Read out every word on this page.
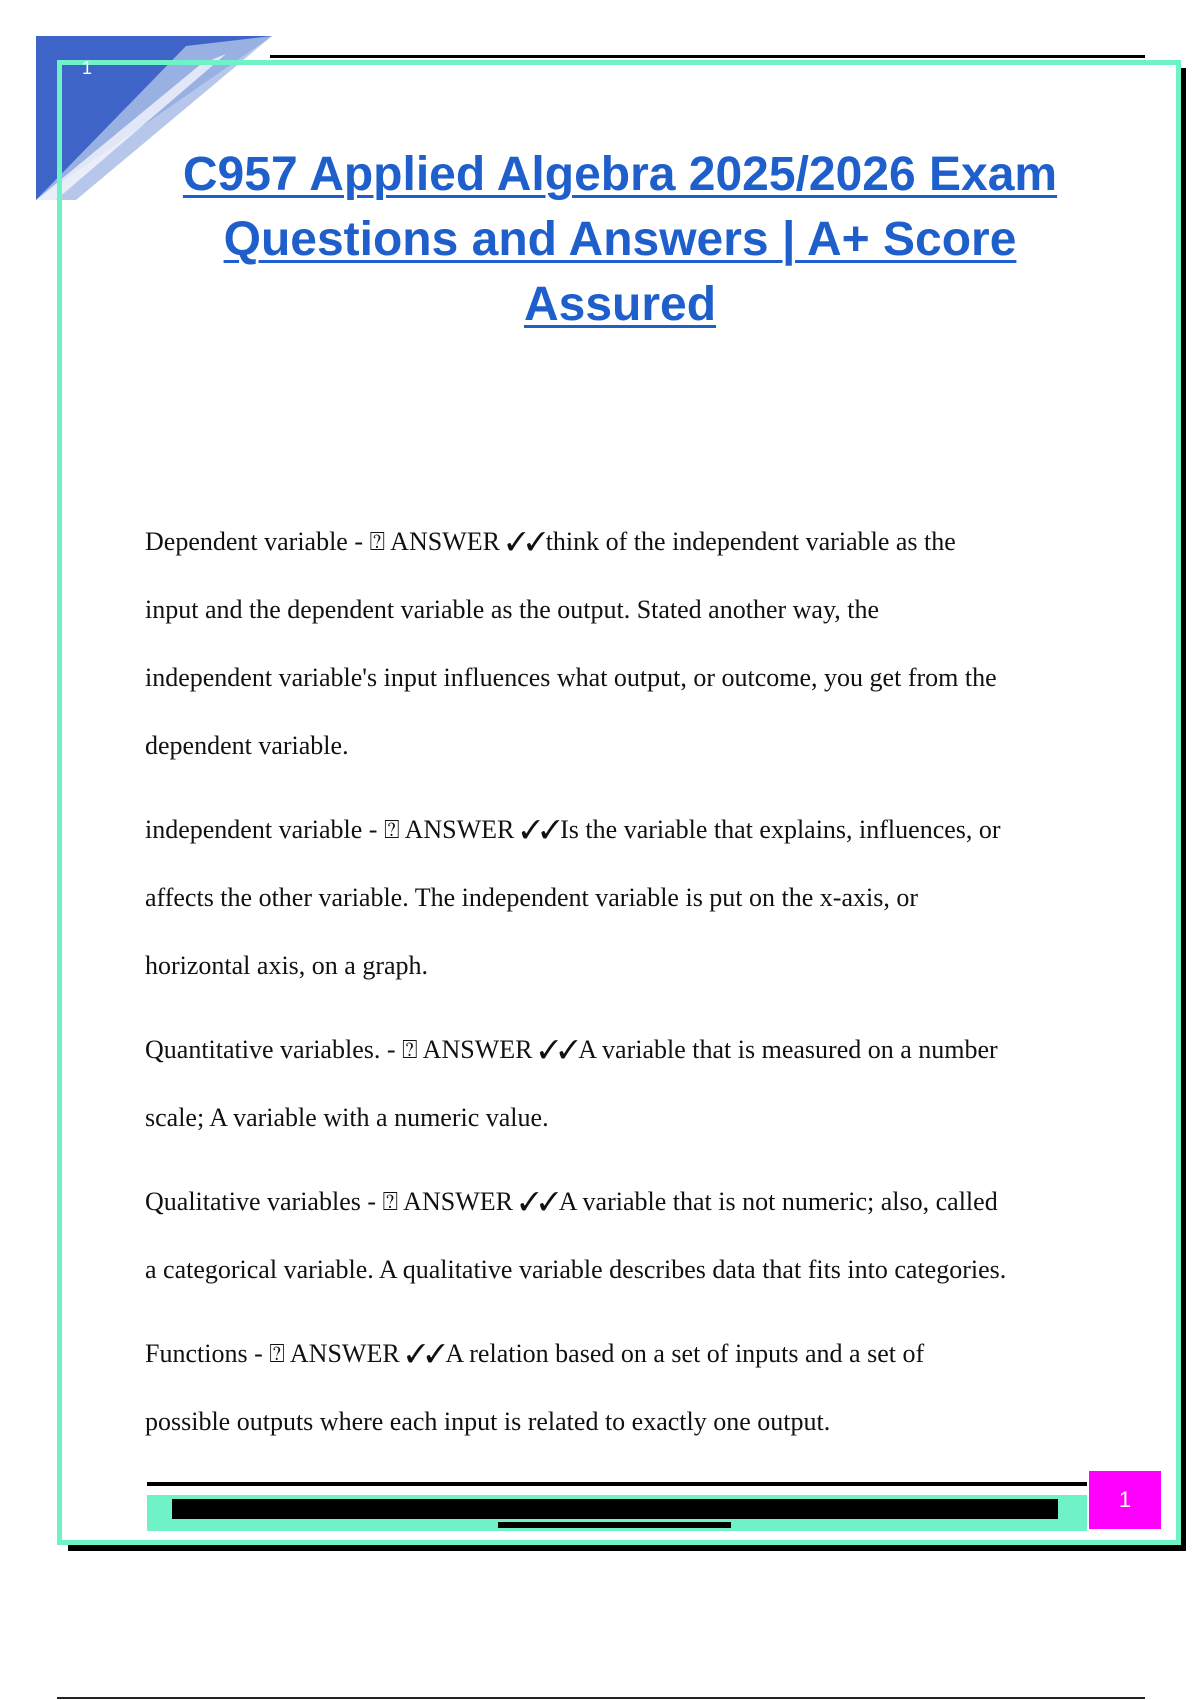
1
C957 Applied Algebra 2025/2026 Exam
Questions and Answers | A+ Score
Assured

Dependent variable - ⍰ ANSWER ✓✓think of the independent variable as the

input and the dependent variable as the output. Stated another way, the

independent variable's input influences what output, or outcome, you get from the

dependent variable.

independent variable - ⍰ ANSWER ✓✓Is the variable that explains, influences, or

affects the other variable. The independent variable is put on the x-axis, or

horizontal axis, on a graph.

Quantitative variables. - ⍰ ANSWER ✓✓A variable that is measured on a number

scale; A variable with a numeric value.

Qualitative variables - ⍰ ANSWER ✓✓A variable that is not numeric; also, called

a categorical variable. A qualitative variable describes data that fits into categories.

Functions - ⍰ ANSWER ✓✓A relation based on a set of inputs and a set of

possible outputs where each input is related to exactly one output.

1
